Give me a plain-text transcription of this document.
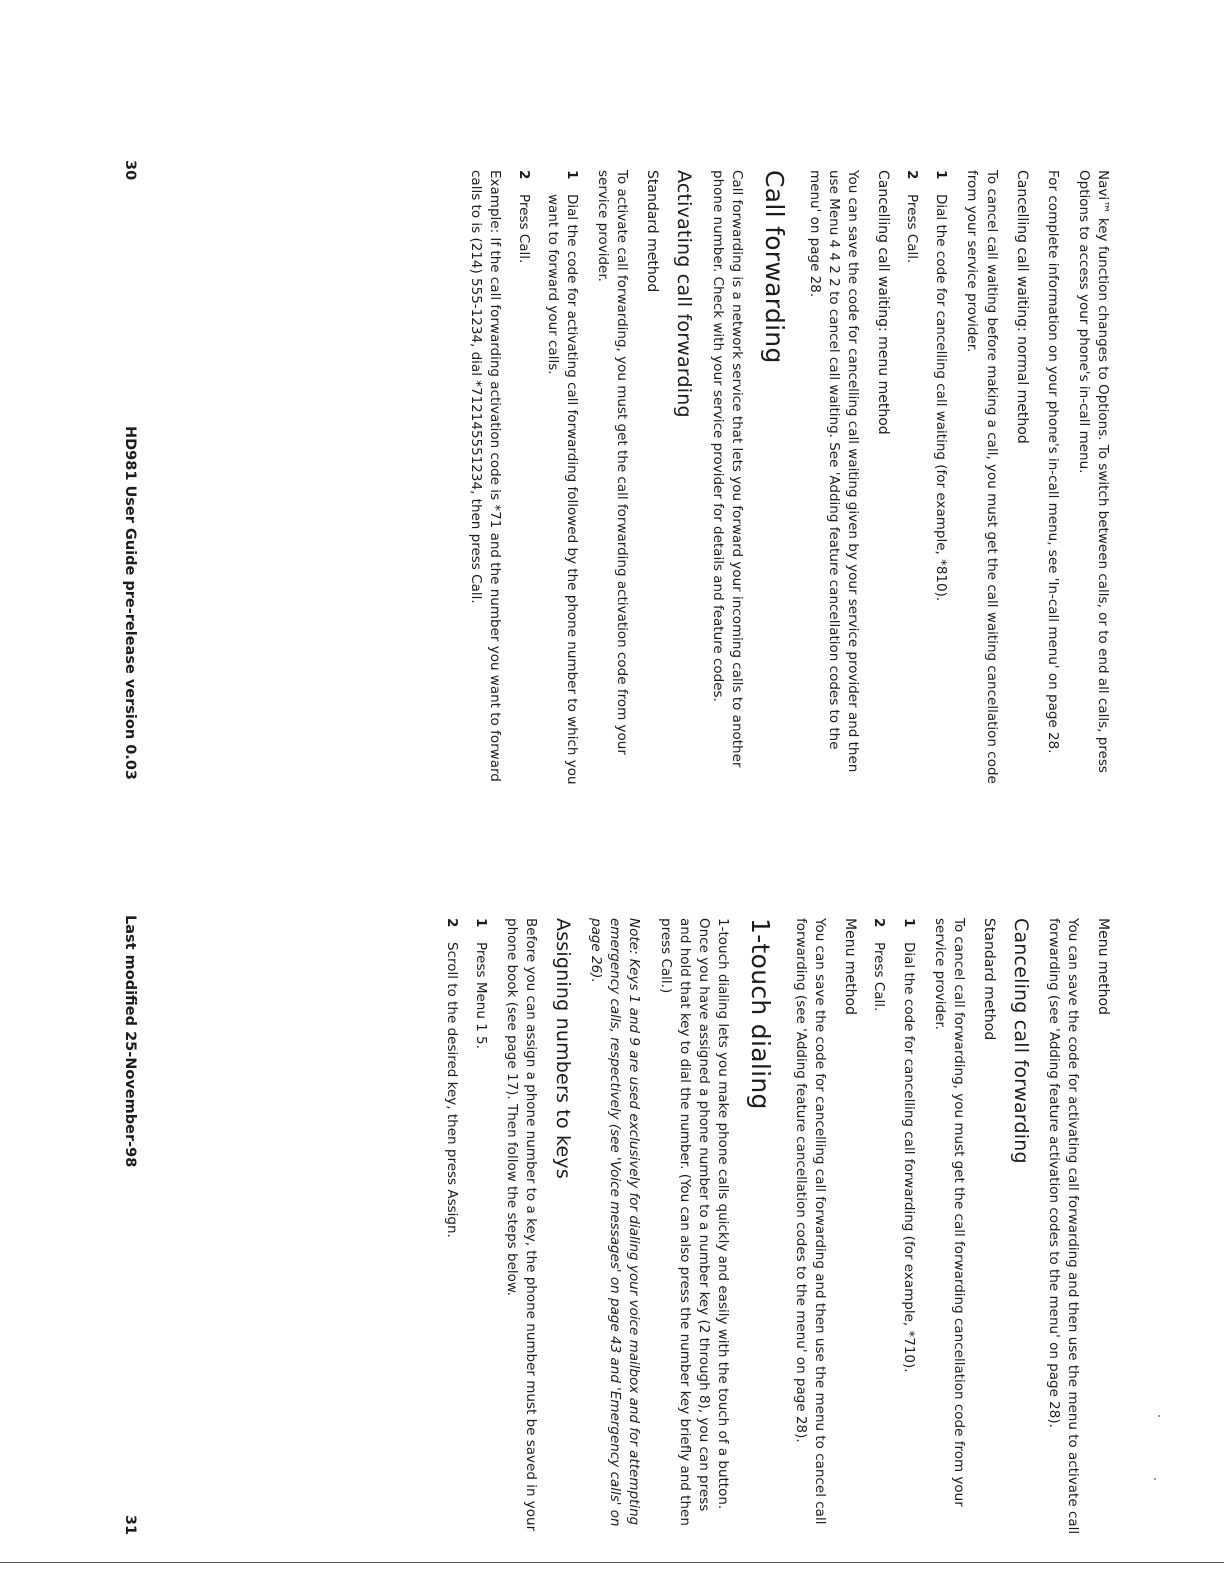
Navi™ key function changes to Options. To switch between calls, or to end all calls, press Options to access your phone's in-call menu.

For complete information on your phone's in-call menu, see 'In-call menu' on page 28.

Cancelling call waiting: normal method

To cancel call waiting before making a call, you must get the call waiting cancellation code from your service provider.

1
Dial the code for cancelling call waiting (for example, *810).
2
Press Call.

Cancelling call waiting: menu method

You can save the code for cancelling call waiting given by your service provider and then use Menu 4 4 2 2 to cancel call waiting. See 'Adding feature cancellation codes to the menu' on page 28.

Call forwarding

Call forwarding is a network service that lets you forward your incoming calls to another phone number. Check with your service provider for details and feature codes.

Activating call forwarding

Standard method

To activate call forwarding, you must get the call forwarding activation code from your service provider.

1
Dial the code for activating call forwarding followed by the phone number to which you want to forward your calls.
2
Press Call.

Example: If the call forwarding activation code is *71 and the number you want to forward calls to is (214) 555-1234, dial *712145551234, then press Call.

30
HD981 User Guide pre-release version 0.03

Menu method

You can save the code for activating call forwarding and then use the menu to activate call forwarding (see 'Adding feature activation codes to the menu' on page 28).

Canceling call forwarding

Standard method

To cancel call forwarding, you must get the call forwarding cancellation code from your service provider.

1
Dial the code for cancelling call forwarding (for example, *710).
2
Press Call.

Menu method

You can save the code for cancelling call forwarding and then use the menu to cancel call forwarding (see 'Adding feature cancellation codes to the menu' on page 28).

1-touch dialing

1-touch dialing lets you make phone calls quickly and easily with the touch of a button. Once you have assigned a phone number to a number key (2 through 8), you can press and hold that key to dial the number. (You can also press the number key briefly and then press Call.)

Note: Keys 1 and 9 are used exclusively for dialing your voice mailbox and for attempting emergency calls, respectively (see 'Voice messages' on page 43 and 'Emergency calls' on page 26).

Assigning numbers to keys

Before you can assign a phone number to a key, the phone number must be saved in your phone book (see page 17). Then follow the steps below.

1
Press Menu 1 5.
2
Scroll to the desired key, then press Assign.
Last modified 25-November-98
31
